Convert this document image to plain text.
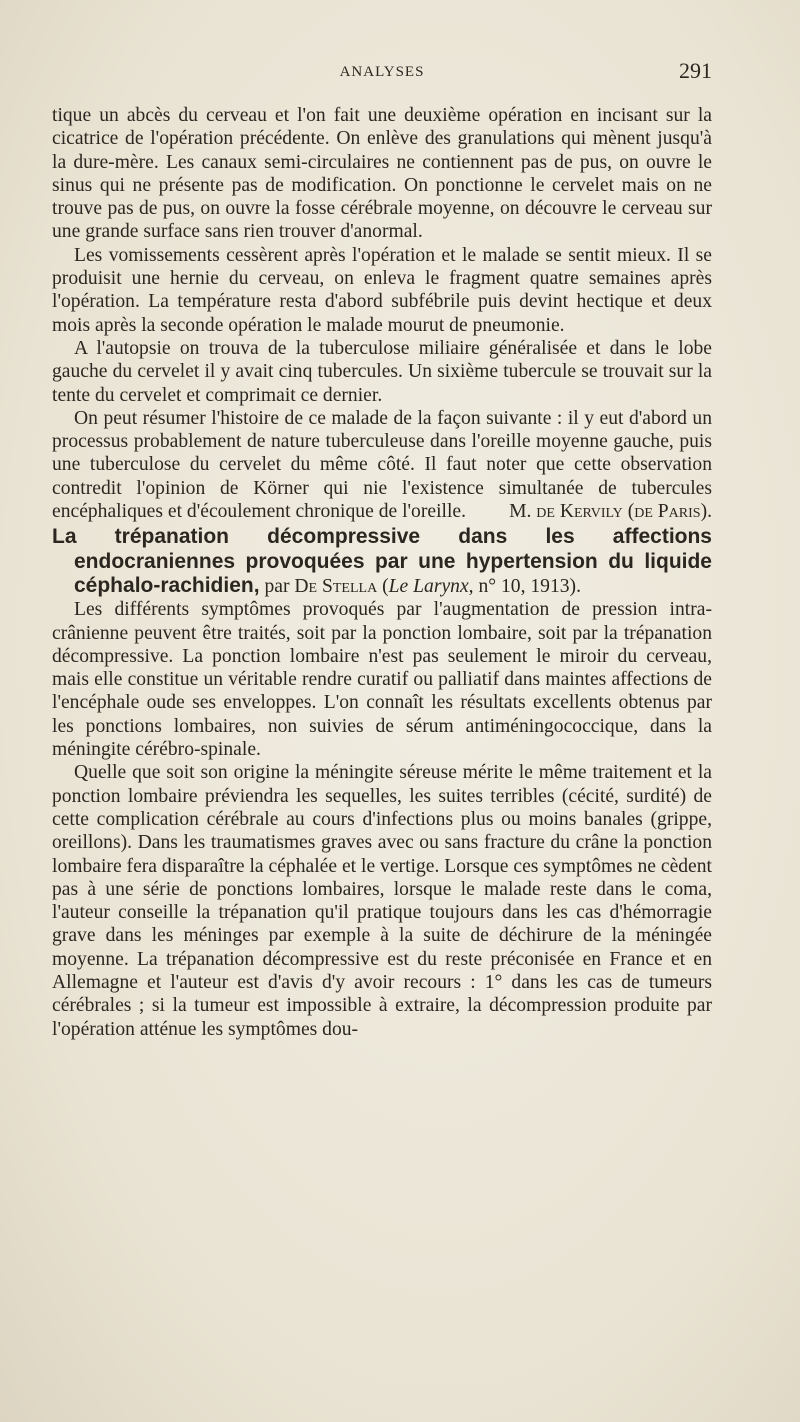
ANALYSES	291

tique un abcès du cerveau et l'on fait une deuxième opération en incisant sur la cicatrice de l'opération précédente. On enlève des granulations qui mènent jusqu'à la dure-mère. Les canaux semi-circulaires ne contiennent pas de pus, on ouvre le sinus qui ne présente pas de modification. On ponctionne le cervelet mais on ne trouve pas de pus, on ouvre la fosse cérébrale moyenne, on découvre le cerveau sur une grande surface sans rien trouver d'anormal.

Les vomissements cessèrent après l'opération et le malade se sentit mieux. Il se produisit une hernie du cerveau, on enleva le fragment quatre semaines après l'opération. La température resta d'abord subfébrile puis devint hectique et deux mois après la seconde opération le malade mourut de pneumonie.

A l'autopsie on trouva de la tuberculose miliaire généralisée et dans le lobe gauche du cervelet il y avait cinq tubercules. Un sixième tubercule se trouvait sur la tente du cervelet et comprimait ce dernier.

On peut résumer l'histoire de ce malade de la façon suivante : il y eut d'abord un processus probablement de nature tuberculeuse dans l'oreille moyenne gauche, puis une tuberculose du cervelet du même côté. Il faut noter que cette observation contredit l'opinion de Körner qui nie l'existence simultanée de tubercules encéphaliques et d'écoulement chronique de l'oreille.	M. de Kervily (de Paris).

La trépanation décompressive dans les affections endocraniennes provoquées par une hypertension du liquide céphalo-rachidien, par De Stella (Le Larynx, n° 10, 1913).

Les différents symptômes provoqués par l'augmentation de pression intra-crânienne peuvent être traités, soit par la ponction lombaire, soit par la trépanation décompressive. La ponction lombaire n'est pas seulement le miroir du cerveau, mais elle constitue un véritable rendre curatif ou palliatif dans maintes affections de l'encéphale oude ses enveloppes. L'on connaît les résultats excellents obtenus par les ponctions lombaires, non suivies de sérum antiméningococcique, dans la méningite cérébro-spinale.

Quelle que soit son origine la méningite séreuse mérite le même traitement et la ponction lombaire préviendra les sequelles, les suites terribles (cécité, surdité) de cette complication cérébrale au cours d'infections plus ou moins banales (grippe, oreillons). Dans les traumatismes graves avec ou sans fracture du crâne la ponction lombaire fera disparaître la céphalée et le vertige. Lorsque ces symptômes ne cèdent pas à une série de ponctions lombaires, lorsque le malade reste dans le coma, l'auteur conseille la trépanation qu'il pratique toujours dans les cas d'hémorragie grave dans les méninges par exemple à la suite de déchirure de la méningée moyenne. La trépanation décompressive est du reste préconisée en France et en Allemagne et l'auteur est d'avis d'y avoir recours : 1° dans les cas de tumeurs cérébrales ; si la tumeur est impossible à extraire, la décompression produite par l'opération atténue les symptômes dou-
